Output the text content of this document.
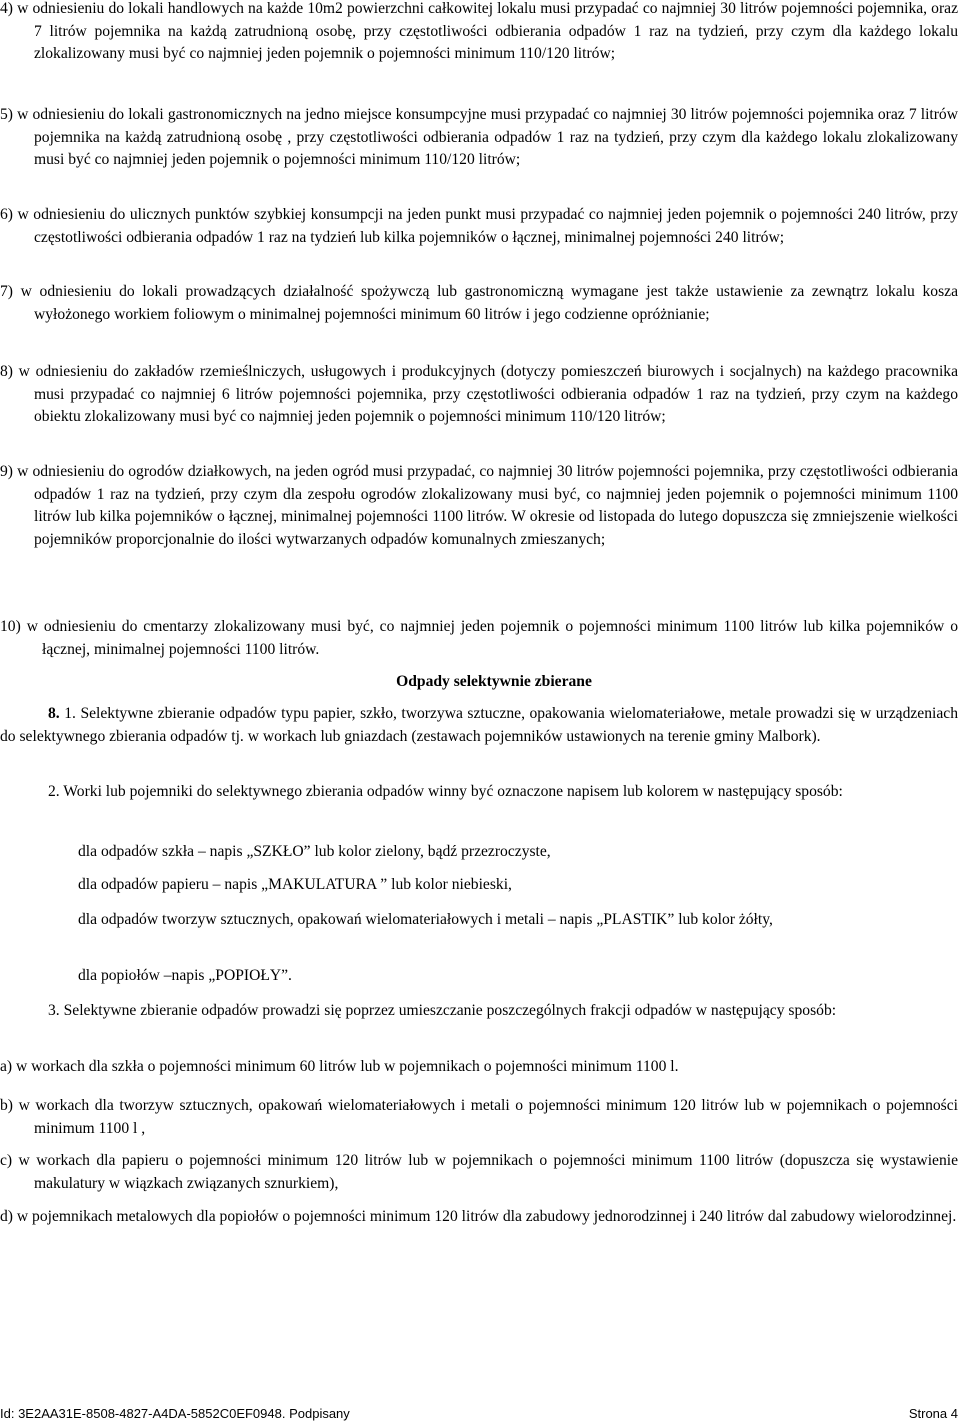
4) w odniesieniu do lokali handlowych na każde 10m2 powierzchni całkowitej lokalu musi przypadać co najmniej 30 litrów pojemności pojemnika, oraz 7 litrów pojemnika na każdą zatrudnioną osobę, przy częstotliwości odbierania odpadów 1 raz na tydzień, przy czym dla każdego lokalu zlokalizowany musi być co najmniej jeden pojemnik o pojemności minimum 110/120 litrów;
5) w odniesieniu do lokali gastronomicznych na jedno miejsce konsumpcyjne musi przypadać co najmniej 30 litrów pojemności pojemnika oraz 7 litrów pojemnika na każdą zatrudnioną osobę , przy częstotliwości odbierania odpadów 1 raz na tydzień, przy czym dla każdego lokalu zlokalizowany musi być co najmniej jeden pojemnik o pojemności minimum 110/120 litrów;
6) w odniesieniu do ulicznych punktów szybkiej konsumpcji na jeden punkt musi przypadać co najmniej jeden pojemnik o pojemności 240 litrów, przy częstotliwości odbierania odpadów 1 raz na tydzień lub kilka pojemników o łącznej, minimalnej pojemności 240 litrów;
7) w odniesieniu do lokali prowadzących działalność spożywczą lub gastronomiczną wymagane jest także ustawienie za zewnątrz lokalu kosza wyłożonego workiem foliowym o minimalnej pojemności minimum 60 litrów i jego codzienne opróżnianie;
8) w odniesieniu do zakładów rzemieślniczych, usługowych i produkcyjnych (dotyczy pomieszczeń biurowych i socjalnych) na każdego pracownika musi przypadać co najmniej 6 litrów pojemności pojemnika, przy częstotliwości odbierania odpadów 1 raz na tydzień, przy czym na każdego obiektu zlokalizowany musi być co najmniej jeden pojemnik o pojemności minimum 110/120 litrów;
9) w odniesieniu do ogrodów działkowych, na jeden ogród musi przypadać, co najmniej 30 litrów pojemności pojemnika, przy częstotliwości odbierania odpadów 1 raz na tydzień, przy czym dla zespołu ogrodów zlokalizowany musi być, co najmniej jeden pojemnik o pojemności minimum 1100 litrów lub kilka pojemników o łącznej, minimalnej pojemności 1100 litrów. W okresie od listopada do lutego dopuszcza się zmniejszenie wielkości pojemników proporcjonalnie do ilości wytwarzanych odpadów komunalnych zmieszanych;
10) w odniesieniu do cmentarzy zlokalizowany musi być, co najmniej jeden pojemnik o pojemności minimum 1100 litrów lub kilka pojemników o łącznej, minimalnej pojemności 1100 litrów.
Odpady selektywnie zbierane
8. 1. Selektywne zbieranie odpadów typu papier, szkło, tworzywa sztuczne, opakowania wielomateriałowe, metale prowadzi się w urządzeniach do selektywnego zbierania odpadów tj. w workach lub gniazdach (zestawach pojemników ustawionych na terenie gminy Malbork).
2. Worki lub pojemniki do selektywnego zbierania odpadów winny być oznaczone napisem lub kolorem w następujący sposób:
dla odpadów szkła – napis „SZKŁO” lub kolor zielony, bądź przezroczyste,
dla odpadów papieru – napis „MAKULATURA ” lub kolor niebieski,
dla odpadów tworzyw sztucznych, opakowań wielomateriałowych i metali – napis „PLASTIK” lub kolor żółty,
dla popiołów –napis „POPIOŁY”.
3. Selektywne zbieranie odpadów prowadzi się poprzez umieszczanie poszczególnych frakcji odpadów w następujący sposób:
a) w workach dla szkła o pojemności minimum 60 litrów lub w pojemnikach o pojemności minimum 1100 l.
b) w workach dla tworzyw sztucznych, opakowań wielomateriałowych i metali o pojemności minimum 120 litrów lub w pojemnikach o pojemności minimum 1100 l ,
c) w workach dla papieru o pojemności minimum 120 litrów lub w pojemnikach o pojemności minimum 1100 litrów (dopuszcza się wystawienie makulatury w wiązkach związanych sznurkiem),
d) w pojemnikach metalowych dla popiołów o pojemności minimum 120 litrów dla zabudowy jednorodzinnej i 240 litrów dal zabudowy wielorodzinnej.
Id: 3E2AA31E-8508-4827-A4DA-5852C0EF0948. Podpisany	Strona 4
